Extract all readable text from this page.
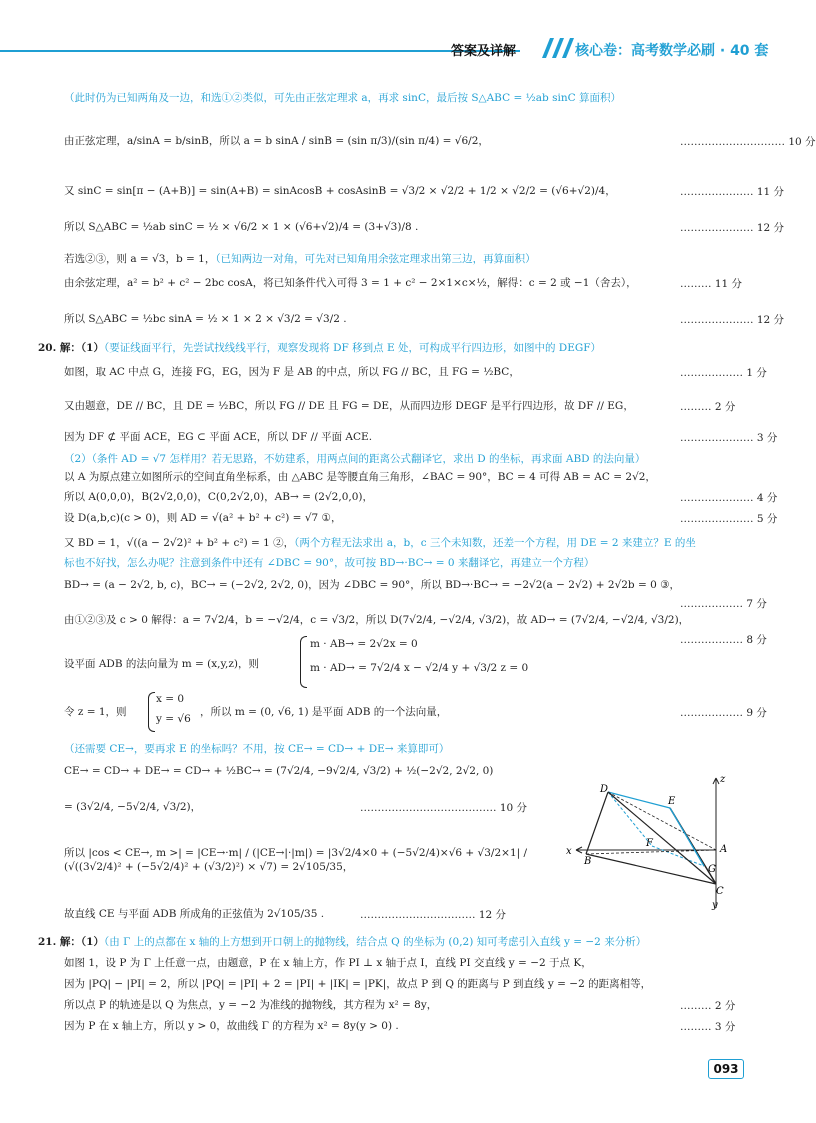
答案及详解	核心卷：高考数学必刷 · 40 套
（此时仍为已知两角及一边，和选①②类似，可先由正弦定理求 a，再求 sinC，最后按 S△ABC = ½ab sinC 算面积）
由正弦定理，a/sinA = b/sinB，所以 a = b sinA / sinB = (sin π/3)/(sin π/4) = √6/2，	………………………… 10 分
又 sinC = sin[π − (A+B)] = sin(A+B) = sinAcosB + cosAsinB = √3/2 × √2/2 + 1/2 × √2/2 = (√6+√2)/4，	………………… 11 分
所以 S△ABC = ½ab sinC = ½ × √6/2 × 1 × (√6+√2)/4 = (3+√3)/8 .	………………… 12 分
若选②③，则 a = √3，b = 1，（已知两边一对角，可先对已知角用余弦定理求出第三边，再算面积）
由余弦定理，a² = b² + c² − 2bc cosA，将已知条件代入可得 3 = 1 + c² − 2×1×c×½，解得：c = 2 或 −1（舍去），	……… 11 分
所以 S△ABC = ½bc sinA = ½ × 1 × 2 × √3/2 = √3/2 .	………………… 12 分
20. 解：（1）（要证线面平行，先尝试找线线平行，观察发现将 DF 移到点 E 处，可构成平行四边形，如图中的 DEGF）
如图，取 AC 中点 G，连接 FG，EG，因为 F 是 AB 的中点，所以 FG // BC，且 FG = ½BC，	……………… 1 分
又由题意，DE // BC，且 DE = ½BC，所以 FG // DE 且 FG = DE，从而四边形 DEGF 是平行四边形，故 DF // EG，	……… 2 分
因为 DF ⊄ 平面 ACE，EG ⊂ 平面 ACE，所以 DF // 平面 ACE.	………………… 3 分
（2）（条件 AD = √7 怎样用？若无思路，不妨建系，用两点间的距离公式翻译它，求出 D 的坐标，再求面 ABD 的法向量）
以 A 为原点建立如图所示的空间直角坐标系，由 △ABC 是等腰直角三角形，∠BAC = 90°，BC = 4 可得 AB = AC = 2√2，
所以 A(0,0,0)，B(2√2,0,0)，C(0,2√2,0)，AB→ = (2√2,0,0)，	………………… 4 分
设 D(a,b,c)(c > 0)，则 AD = √(a² + b² + c²) = √7 ①，	………………… 5 分
又 BD = 1，√((a − 2√2)² + b² + c²) = 1 ②，（两个方程无法求出 a，b，c 三个未知数，还差一个方程，用 DE = 2 来建立？E 的坐
标也不好找，怎么办呢？注意到条件中还有 ∠DBC = 90°，故可按 BD→·BC→ = 0 来翻译它，再建立一个方程）
BD→ = (a − 2√2, b, c)，BC→ = (−2√2, 2√2, 0)，因为 ∠DBC = 90°，所以 BD→·BC→ = −2√2(a − 2√2) + 2√2b = 0 ③，
……………… 7 分
由①②③及 c > 0 解得：a = 7√2/4，b = −√2/4，c = √3/2，所以 D(7√2/4, −√2/4, √3/2)，故 AD→ = (7√2/4, −√2/4, √3/2)，
……………… 8 分
设平面 ADB 的法向量为 m = (x,y,z)，则
m · AB→ = 2√2x = 0
m · AD→ = 7√2/4 x − √2/4 y + √3/2 z = 0
令 z = 1，则
x = 0
y = √6
，所以 m = (0, √6, 1) 是平面 ADB 的一个法向量，	……………… 9 分
（还需要 CE→，要再求 E 的坐标吗？不用，按 CE→ = CD→ + DE→ 来算即可）
CE→ = CD→ + DE→ = CD→ + ½BC→ = (7√2/4, −9√2/4, √3/2) + ½(−2√2, 2√2, 0)
= (3√2/4, −5√2/4, √3/2)，	………………………………… 10 分
所以 |cos < CE→, m >| = |CE→·m| / (|CE→|·|m|) = |3√2/4×0 + (−5√2/4)×√6 + √3/2×1| / (√((3√2/4)² + (−5√2/4)² + (√3/2)²) × √7) = 2√105/35，
故直线 CE 与平面 ADB 所成角的正弦值为 2√105/35 .	…………………………… 12 分
21. 解：（1）（由 Γ 上的点都在 x 轴的上方想到开口朝上的抛物线，结合点 Q 的坐标为 (0,2) 知可考虑引入直线 y = −2 来分析）
如图 1，设 P 为 Γ 上任意一点，由题意，P 在 x 轴上方，作 PI ⊥ x 轴于点 I，直线 PI 交直线 y = −2 于点 K，
因为 |PQ| − |PI| = 2，所以 |PQ| = |PI| + 2 = |PI| + |IK| = |PK|，故点 P 到 Q 的距离与 P 到直线 y = −2 的距离相等，
所以点 P 的轨迹是以 Q 为焦点，y = −2 为准线的抛物线，其方程为 x² = 8y，	……… 2 分
因为 P 在 x 轴上方，所以 y > 0，故曲线 Γ 的方程为 x² = 8y(y > 0) .	……… 3 分
D
E
F
A
G
C
B
x
y
z
093
